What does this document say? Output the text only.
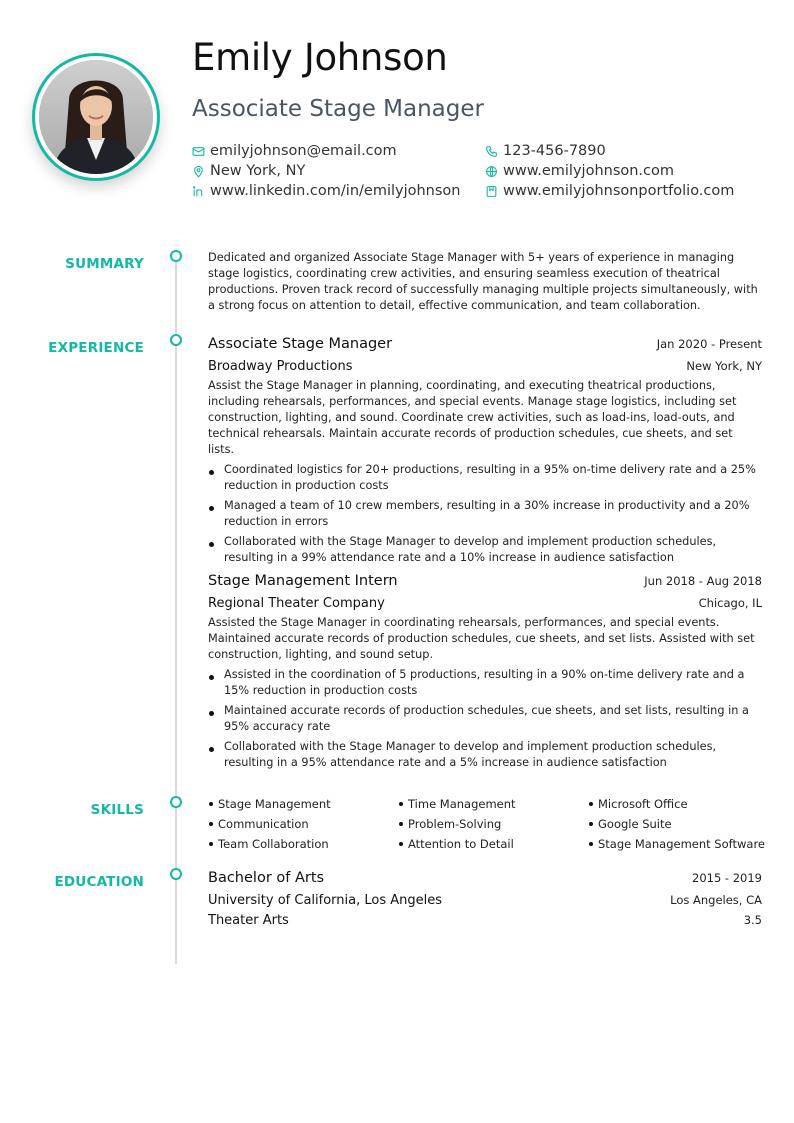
Emily Johnson
Associate Stage Manager
emilyjohnson@email.com	123-456-7890
New York, NY	www.emilyjohnson.com
www.linkedin.com/in/emilyjohnson	www.emilyjohnsonportfolio.com
SUMMARY	Dedicated and organized Associate Stage Manager with 5+ years of experience in managing stage logistics, coordinating crew activities, and ensuring seamless execution of theatrical productions. Proven track record of successfully managing multiple projects simultaneously, with a strong focus on attention to detail, effective communication, and team collaboration.

EXPERIENCE	Associate Stage Manager	Jan 2020 - Present
Broadway Productions	New York, NY

Assist the Stage Manager in planning, coordinating, and executing theatrical productions, including rehearsals, performances, and special events. Manage stage logistics, including set construction, lighting, and sound. Coordinate crew activities, such as load-ins, load-outs, and technical rehearsals. Maintain accurate records of production schedules, cue sheets, and set lists.

Coordinated logistics for 20+ productions, resulting in a 95% on-time delivery rate and a 25% reduction in production costs
Managed a team of 10 crew members, resulting in a 30% increase in productivity and a 20% reduction in errors
Collaborated with the Stage Manager to develop and implement production schedules, resulting in a 99% attendance rate and a 10% increase in audience satisfaction
Stage Management Intern	Jun 2018 - Aug 2018
Regional Theater Company	Chicago, IL

Assisted the Stage Manager in coordinating rehearsals, performances, and special events. Maintained accurate records of production schedules, cue sheets, and set lists. Assisted with set construction, lighting, and sound setup.

Assisted in the coordination of 5 productions, resulting in a 90% on-time delivery rate and a 15% reduction in production costs
Maintained accurate records of production schedules, cue sheets, and set lists, resulting in a 95% accuracy rate
Collaborated with the Stage Manager to develop and implement production schedules, resulting in a 95% attendance rate and a 5% increase in audience satisfaction
SKILLS	Stage Management	Time Management	Microsoft Office
Communication	Problem-Solving	Google Suite
Team Collaboration	Attention to Detail	Stage Management Software
EDUCATION	Bachelor of Arts	2015 - 2019
University of California, Los Angeles	Los Angeles, CA
Theater Arts	3.5
